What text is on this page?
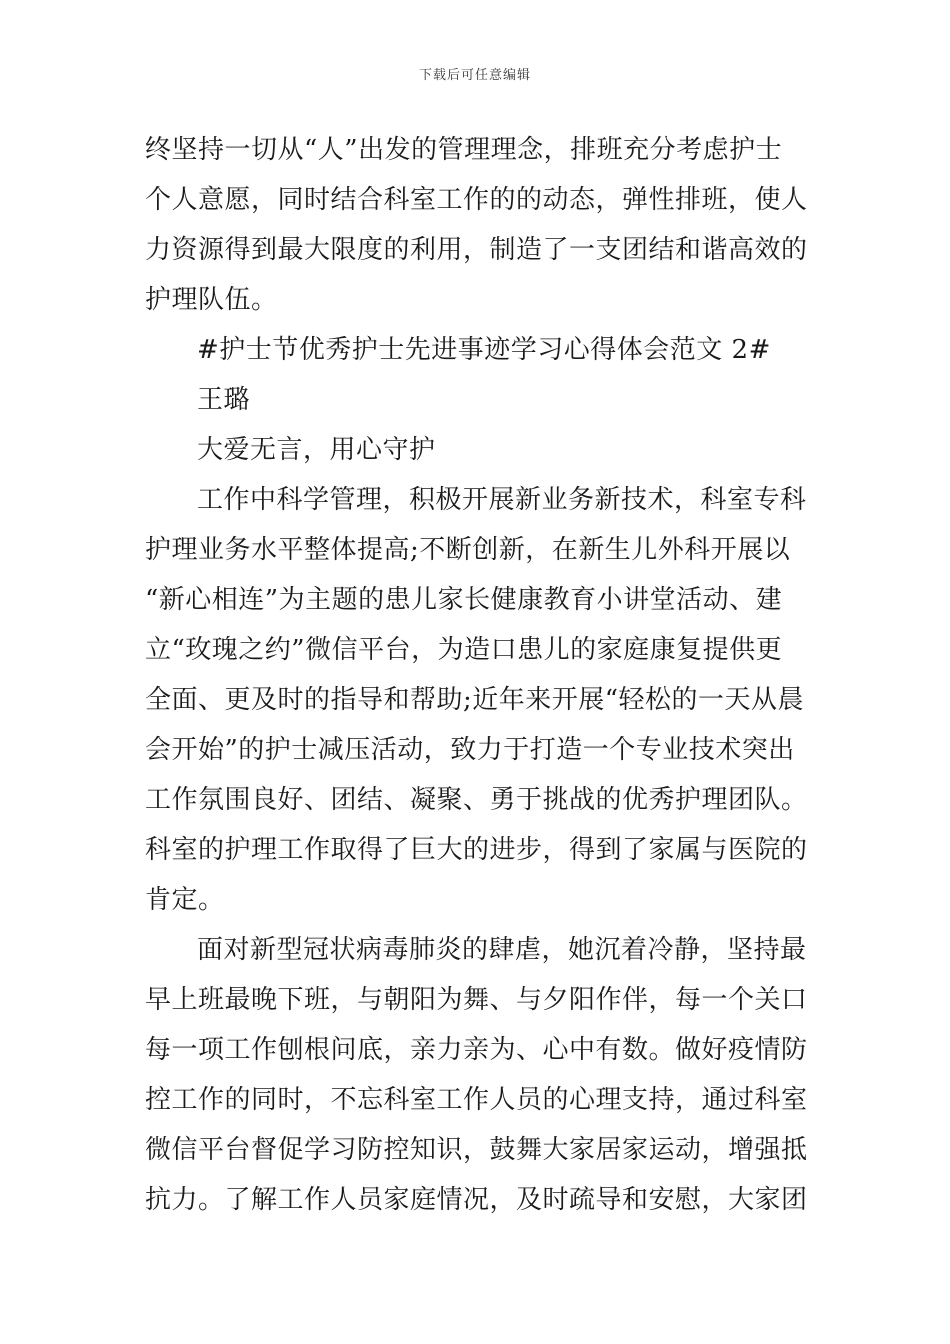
下载后可任意编辑
终坚持一切从“人”出发的管理理念，排班充分考虑护士
个人意愿，同时结合科室工作的的动态，弹性排班，使人
力资源得到最大限度的利用，制造了一支团结和谐高效的
护理队伍。
#护士节优秀护士先进事迹学习心得体会范文 2#
王璐
大爱无言，用心守护
工作中科学管理，积极开展新业务新技术，科室专科
护理业务水平整体提高;不断创新，在新生儿外科开展以
“新心相连”为主题的患儿家长健康教育小讲堂活动、建
立“玫瑰之约”微信平台，为造口患儿的家庭康复提供更
全面、更及时的指导和帮助;近年来开展“轻松的一天从晨
会开始”的护士减压活动，致力于打造一个专业技术突出
工作氛围良好、团结、凝聚、勇于挑战的优秀护理团队。
科室的护理工作取得了巨大的进步，得到了家属与医院的
肯定。
面对新型冠状病毒肺炎的肆虐，她沉着冷静，坚持最
早上班最晚下班，与朝阳为舞、与夕阳作伴，每一个关口
每一项工作刨根问底，亲力亲为、心中有数。做好疫情防
控工作的同时，不忘科室工作人员的心理支持，通过科室
微信平台督促学习防控知识，鼓舞大家居家运动，增强抵
抗力。了解工作人员家庭情况，及时疏导和安慰，大家团
